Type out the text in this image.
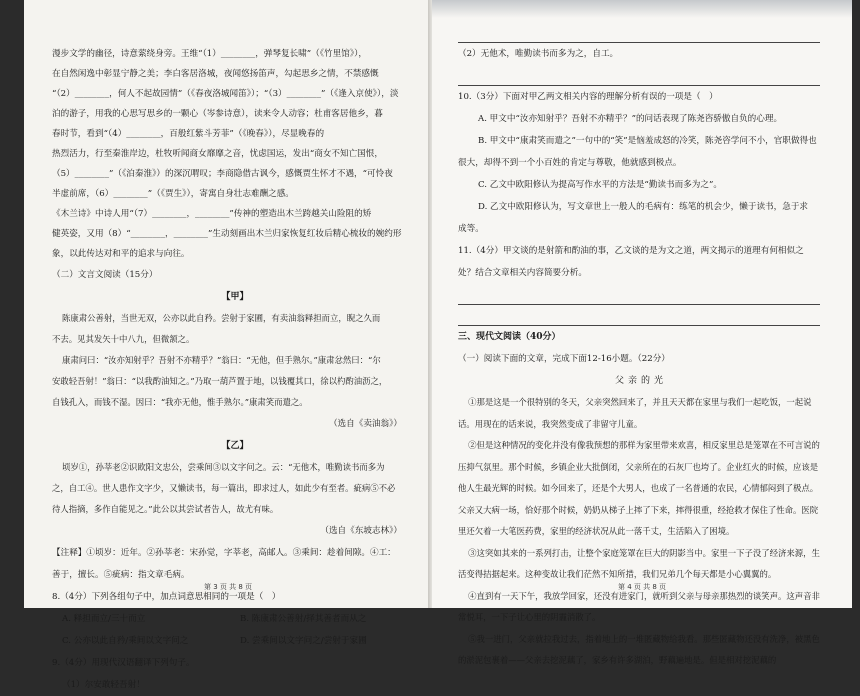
漫步文学的幽径，诗意萦绕身旁。王维“（1）________，弹琴复长啸”（《竹里馆》），
在自然闲逸中彰显宁静之美；李白客居洛城，夜闻悠扬笛声，勾起思乡之情，不禁感慨
“（2）________，何人不起故园情”（《春夜洛城闻笛》）；“（3）________”（《逢入京使》），淡
泊的游子，用我的心思写思乡的一颗心（岑参诗意），读来令人动容；杜甫客居他乡，暮
春时节，看到“（4）________，百般红紫斗芳菲”（《晚春》），尽显晚春的
热烈活力，行至秦淮岸边，杜牧听闻商女靡靡之音，忧虑国运，发出“商女不知亡国恨，
（5）________”（《泊秦淮》）的深沉喟叹；李商隐借古讽今，感慨贾生怀才不遇，“可怜夜
半虚前席，（6）________”（《贾生》），寄寓自身壮志难酬之感。
《木兰诗》中诗人用“（7）________，________”传神的塑造出木兰跨越关山险阻的矫
健英姿，又用（8）“________，________”生动刻画出木兰归家恢复红妆后精心梳妆的婉约形
象，以此传达对和平的追求与向往。
（二）文言文阅读（15分）
【甲】
陈康肃公善射，当世无双，公亦以此自矜。尝射于家圃，有卖油翁释担而立，睨之久而
不去。见其发矢十中八九，但微颔之。
康肃问曰：“汝亦知射乎？吾射不亦精乎？”翁曰：“无他，但手熟尔。”康肃忿然曰：“尔
安敢轻吾射！”翁曰：“以我酌油知之。”乃取一葫芦置于地，以钱覆其口，徐以杓酌油沥之，
自钱孔入，而钱不湿。因曰：“我亦无他，惟手熟尔。”康肃笑而遣之。
（选自《卖油翁》）
【乙】
顷岁①，孙莘老②识欧阳文忠公，尝乘间③以文字问之。云：“无他术，唯勤读书而多为
之，自工④。世人患作文字少，又懒读书，每一篇出，即求过人，如此少有至者。疵病⑤不必
待人指摘，多作自能见之。”此公以其尝试者告人，故尤有味。
（选自《东坡志林》）
【注释】①顷岁：近年。②孙莘老：宋孙觉，字莘老，高邮人。③乘间：趁着间隙。④工：
善于，擅长。⑤疵病：指文章毛病。
8.（4分）下列各组句子中，加点词意思相同的一项是（　）
A. 释担而立/三十而立	B. 陈康肃公善射/择其善者而从之
C. 公亦以此自矜/乘间以文字问之	D. 尝乘间以文字问之/尝射于家圃
9.（4分）用现代汉语翻译下列句子。
（1）尔安敢轻吾射！
第 3 页 共 8 页
（2）无他术，唯勤读书而多为之，自工。
10.（3分）下面对甲乙两文相关内容的理解分析有误的一项是（　）
A. 甲文中“汝亦知射乎？吾射不亦精乎？”的问话表现了陈尧咨骄傲自负的心理。
B. 甲文中“康肃笑而遣之”一句中的“笑”是恼羞成怒的冷笑，陈尧咨学问不小，官职做得也
很大，却得不到一个小百姓的肯定与尊敬，他就感到极点。
C. 乙文中欧阳修认为提高写作水平的方法是“勤读书而多为之”。
D. 乙文中欧阳修认为，写文章世上一般人的毛病有：练笔的机会少，懒于读书，急于求
成等。
11.（4分）甲文谈的是射箭和酌油的事，乙文谈的是为文之道，两文揭示的道理有何相似之
处？结合文章相关内容简要分析。
三、现代文阅读（40分）
（一）阅读下面的文章，完成下面12-16小题。（22分）
父亲的光
①那是这是一个很特别的冬天，父亲突然回来了，并且天天都在家里与我们一起吃饭，一起说话。用现在的话来说，我突然变成了非留守儿童。
②但是这种情况的变化并没有像我预想的那样为家里带来欢喜，相反家里总是笼罩在不可言说的压抑气氛里。那个时候，乡镇企业大批倒闭，父亲所在的石灰厂也垮了。企业红火的时候，应该是他人生最光辉的时候。如今回来了，还是个大男人，也成了一名普通的农民，心情郁闷到了极点。父亲又大病一场，恰好那个时候，奶奶从梯子上摔了下来，摔得很重，经抢救才保住了性命。医院里还欠着一大笔医药费，家里的经济状况从此一落千丈，生活陷入了困境。
③这突如其来的一系列打击，让整个家庭笼罩在巨大的阴影当中。家里一下子没了经济来源，生活变得拮据起来。这种变故让我们茫然不知所措，我们兄弟几个每天都是小心翼翼的。
④直到有一天下午，我放学回家，还没有进家门，就听到父亲与母亲那热烈的谈笑声。这声音非常悦耳，一下子让心里的阴霾消散了。
⑤我一进门，父亲就拉我过去，指着地上的一堆匿藏物给我看。那些匿藏物还没有洗净，被黑色的淤泥包裹着——父亲去挖泥藕了，家乡有许多湖泊，野藕遍地是。但是相对挖泥藕的
第 4 页 共 8 页
